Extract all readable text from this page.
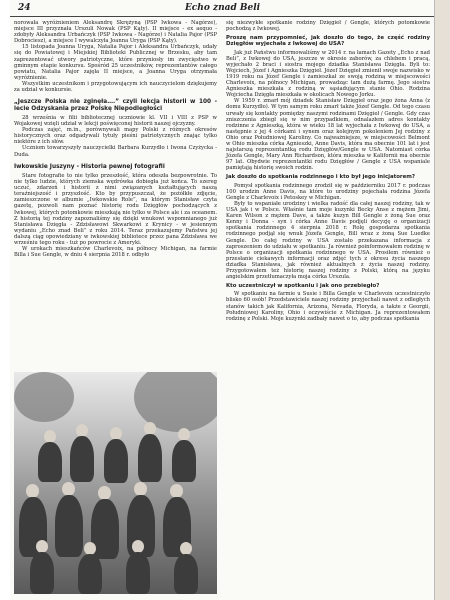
24	Echo znad Beli

norowała wyróżnieniem Aleksandrę Skrężyną (PSP Iwkowa - Nagórze), miejsce III przyznała Urszuli Nowak (PSP Kąty). II miejsce - ex aequo - zdobyły Aleksandra Urbańczyk (PSP Iwkowa - Nagórze) i Natalia Pajor (PSP Dobrociesz), a miejsce I wywalczyła Joanna Uryga (PSP Kąty).

15 listopada Joanna Uryga, Natalia Pajor i Aleksandra Urbańczyk, udały się do Powiatowej i Miejskiej Biblioteki Publicznej w Brzesku, aby tam zaprezentować utwory patriotyczne, które przyniosły im zwycięstwo w gminnym etapie konkursu. Spośród 25 uczestników, reprezentantów całego powiatu, Natalia Pajor zajęła II miejsce, a Joanna Uryga otrzymała wyróżnienie.

Wszystkim uczestnikom i przygotowującym ich nauczycielom dziękujemy za udział w konkursie.

„Jeszcze Polska nie zginęła….” czyli lekcja historii w 100 - lecie Odzyskania przez Polskę Niepodległości

28 września w filii bibliotecznej uczniowie kl. VII i VIII z PSP w Wojakowej wzięli udział w lekcji poświęconej historii naszej ojczyzny.

Podczas zajęć, m.in., porównywali mapy Polski z różnych okresów historycznych oraz odgadywali tytuły pieśni patriotycznych znając tylko niektóre z ich słów.

Uczniom towarzyszyły nauczycielki Barbara Kurzydło i Iwona Czyżycka - Duda.

Iwkowskie Juszyny - Historia pewnej fotografii

Stare fotografie to nie tylko przeszłość, która odeszła bezpowrotnie. To nie tylko ludzie, których ziemska wędrówka dobiegła już końca. To szereg uczuć, zdarzeń i historii z nimi związanych kształtujących naszą teraźniejszość i przyszłość. Kto by przypuszczał, że pożółkłe zdjęcie, zamieszczone w albumie „Iwkowskie Role”, na którym Stanisław czyta gazetę, pozwoli nam poznać historię rodu Dzięgłów pochodzących z Iwkowej, których potomkowie mieszkają nie tylko w Polsce ale i za oceanem. Z historią tej rodziny zapoznaliśmy się dzięki wnukowi wspomnianego już Stanisława Dzięgła - Zdzisławowi Skwarkowi z Krynicy - w jesiennym wydaniu „Echo znad Beli” z roku 2014. Teraz przekazujemy Państwu jej dalszą ciąg opowiedziany w iwkowskiej bibliotece przez pana Zdzisława we wrześniu tego roku - tuż po powrocie z Ameryki.

W urokach mieszkańców Charlevoix, na północy Michigan, na farmie Billa i Sue Gengle, w dniu 4 sierpnia 2018 r. odbyło

się niezwykłe spotkanie rodziny Dzięgieł / Gengle, których potomkowie pochodzą z Iwkowej.

Proszę nam przypomnieć, jak doszło do tego, że część rodziny Dzięgłów wyjechała z Iwkowej do USA?

Jak już Państwu informowaliśmy w 2014 r. na łamach Gazety „Echo z nad Beli”, z Iwkowej do USA, jeszcze w okresie zaborów, za chlebem i pracą, wyjechało 2 braci i siostra mojego dziadka Stanisława Dzięgła. Byli to: Wojciech, Józef i Agnieszka Dzięgieł. Józef Dzięgieł zmienił swoje nazwisko w 1919 roku na Józef Gengle i zamieszkał ze swoją rodziną w miejscowości Charlevoix, na północy Michigan, prowadząc tam dużą farmę. Jego siostra Agnieszka mieszkała z rodziną w sąsiadującym stanie Ohio. Rodzina Wojciecha Dzięgła mieszkała w okolicach Nowego Jorku.

W 1959 r. zmarł mój dziadek Stanisław Dzięgieł oraz jego żona Anna (z domu Kurzydło). W tym samym roku zmarł także Józef Gengle. Od tego czasu urwały się kontakty pomiędzy naszymi rodzinami Dzięgieł / Gengle. Gdy czas zniszczenia zbiegł się w nim przypadkiem, odnalazłem adres kontakty rodzinne z Agnieszką, która w wieku 18 lat wyjechała z Iwkowej do USA, a następnie z jej 4 córkami i synem oraz kolejnym pokoleniem Jej rodziny z Ohio oraz Południowej Karoliny. Co najważniejsze, w miejscowości Belmont w Ohio mieszka córka Agnieszki, Anne Davis, która ma obecnie 101 lat i jest najstarszą reprezentantką rodu Dzięgłów/Gengle w USA. Natomiast córka Józefa Gengle, Mary Ann Richardson, która mieszka w Kalifornii ma obecnie 97 lat. Obydwie reprezentantki rodu Dzięgłów / Gengle z USA wspaniale pamiętają historię swoich rodzin.

Jak doszło do spotkania rodzinnego i kto był jego inicjatorem?

Pomysł spotkania rodzinnego zrodził się w październiku 2017 r. podczas 100 urodzin Anne Davis, na które to urodziny pojechała rodzina Józefa Gengle z Charlevoix i Petoskey w Michigan.

Były to wspaniałe urodziny i wielka radość dla całej naszej rodziny, tak w USA jak i w Polsce. Właśnie tam moje kuzynki Becky Anse z mężem Jimi, Karen Wilson z mężem Dave, a także kuzyn Bill Gengle z żoną Sue oraz Kenny i Donna - syn i córka Anne Davis podjęli decyzję o organizacji spotkania rodzinnego 4 sierpnia 2018 r. Rolę gospodarza spotkania rodzinnego podjął się wnuk Józefa Gengle, Bill wraz z żoną Sue Luedke Gengle. Do całej rodziny w USA zostało przekazana informacja z zaproszeniem do udziału w spotkaniu. Ja również poinformowałem rodzinę w Polsce o organizacji spotkania rodzinnego w USA. Prosiłem również o przesłanie ciekawych informacji oraz zdjęć tych z okresu życia naszego dziadka Stanisława, jak również aktualnych z życia naszej rodziny. Przygotowałem też historię naszej rodziny z Polski, którą na języku angielskim przetłumaczyła moja córka Urszula.

Kto uczestniczył w spotkaniu i jak ono przebiegło?

W spotkaniu na farmie u Susie i Billa Gengle w Charlevoix uczestniczyło blisko 60 osób! Przedstawiciele naszej rodziny przyjechali nawet z odległych stanów takich jak Kalifornia, Arizona, Nevada, Floryda, a także z Georgii, Południowej Karoliny, Ohio i oczywiście z Michigan. Ja reprezentowałem rodzinę z Polski. Moje kuzynki zadbały nawet o to, aby podczas spotkania
